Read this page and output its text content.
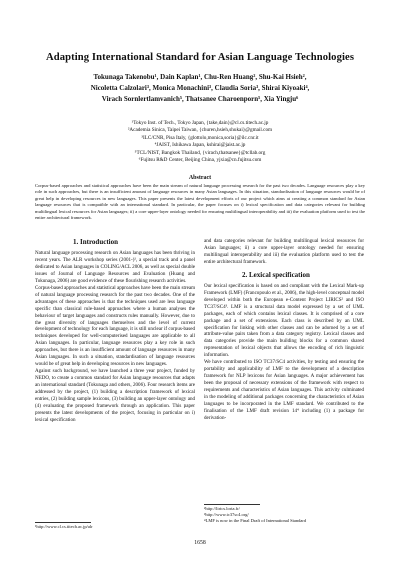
Adapting International Standard for Asian Language Technologies
Tokunaga Takenobu¹, Dain Kaplan¹, Chu-Ren Huang², Shu-Kai Hsieh²,
Nicoletta Calzolari³, Monica Monachini³, Claudia Soria³, Shirai Kiyoaki⁴,
Virach Sornlertlamvanich⁵, Thatsanee Charoenporn⁵, Xia Yingju⁶
¹Tokyo Inst. of Tech., Tokyo Japan, {take,dain}@cl.cs.titech.ac.jp
²Academia Sinica, Taipei Taiwan, {churen,hsieh,shukai}@gmail.com
³ILC/CNR, Pisa Italy, {glottolo,monica,soria}@ilc.cnr.it
⁴JAIST, Ishikawa Japan, kshirai@jaist.ac.jp
⁵TCL/NIST, Bangkok Thailand, {virach,thatsanee}@tcllab.org
⁶Fujitsu R&D Center, Beijing China, yjxia@cn.fujitsu.com
Abstract
Corpus-based approaches and statistical approaches have been the main stream of natural language processing research for the past two decades. Language resources play a key role in such approaches, but there is an insufficient amount of language resources in many Asian languages. In this situation, standardisation of language resources would be of great help in developing resources in new languages. This paper presents the latest development efforts of our project which aims at creating a common standard for Asian language resources that is compatible with an international standard. In particular, the paper focuses on i) lexical specification and data categories relevant for building multilingual lexical resources for Asian languages; ii) a core upper-layer ontology needed for ensuring multilingual interoperability and iii) the evaluation platform used to test the entire architectural framework.
1. Introduction

Natural language processing research on Asian languages has been thriving in recent years. The ALR workshop series (2001-)¹, a special track and a panel dedicated to Asian languages in COLING/ACL 2006, as well as special double issues of Journal of Language Resources and Evaluation (Huang and Tokunaga, 2006) are good evidence of these flourishing research activities.

Corpus-based approaches and statistical approaches have been the main stream of natural language processing research for the past two decades. One of the advantages of these approaches is that the techniques used are less language specific than classical rule-based approaches where a human analyses the behaviour of target languages and constructs rules manually. However, due to the great diversity of languages themselves and the level of current development of technology for each language, it is still unclear if corpus-based techniques developed for well-computerised languages are applicable to all Asian languages. In particular, language resources play a key role in such approaches, but there is an insufficient amount of language resources in many Asian languages. In such a situation, standardisation of language resources would be of great help in developing resources in new languages.

Against such background, we have launched a three year project, funded by NEDO, to create a common standard for Asian language resources that adapts an international standard (Tokunaga and others, 2006). Four research items are addressed by the project, (1) building a description framework of lexical entries, (2) building sample lexicons, (3) building an upper-layer ontology and (4) evaluating the proposed framework through an application. This paper presents the latest developments of the project, focusing in particular on i) lexical specification

and data categories relevant for building multilingual lexical resources for Asian languages; ii) a core upper-layer ontology needed for ensuring multilingual interoperability and iii) the evaluation platform used to test the entire architectural framework.

2. Lexical specification

Our lexical specification is based on and compliant with the Lexical Mark-up Framework (LMF) (Francopoulo et al., 2006), the high-level conceptual model developed within both the European e-Content Project LIRICS² and ISO TC37/SC4³. LMF is a structural data model expressed by a set of UML packages, each of which contains lexical classes. It is comprised of a core package and a set of extensions. Each class is described by an UML specification for linking with other classes and can be adorned by a set of attribute-value pairs taken from a data category registry. Lexical classes and data categories provide the main building blocks for a common shared representation of lexical objects that allows the encoding of rich linguistic information.

We have contributed to ISO TC37/SC4 activities, by testing and ensuring the portability and applicability of LMF to the development of a description framework for NLP lexicons for Asian languages. A major achievement has been the proposal of necessary extensions of the framework with respect to requirements and characteristics of Asian languages. This activity culminated in the modeling of additional packages concerning the characteristics of Asian languages to be incorporated in the LMF standard. We contributed to the finalisation of the LMF draft revision 14⁴ including (1) a package for derivation-

¹http://www.cl.cs.titech.ac.jp/alr
²http://lirics.loria.fr/
³http://www.tc37sc4.org/
⁴LMF is now in the Final Draft of International Standard
1658
